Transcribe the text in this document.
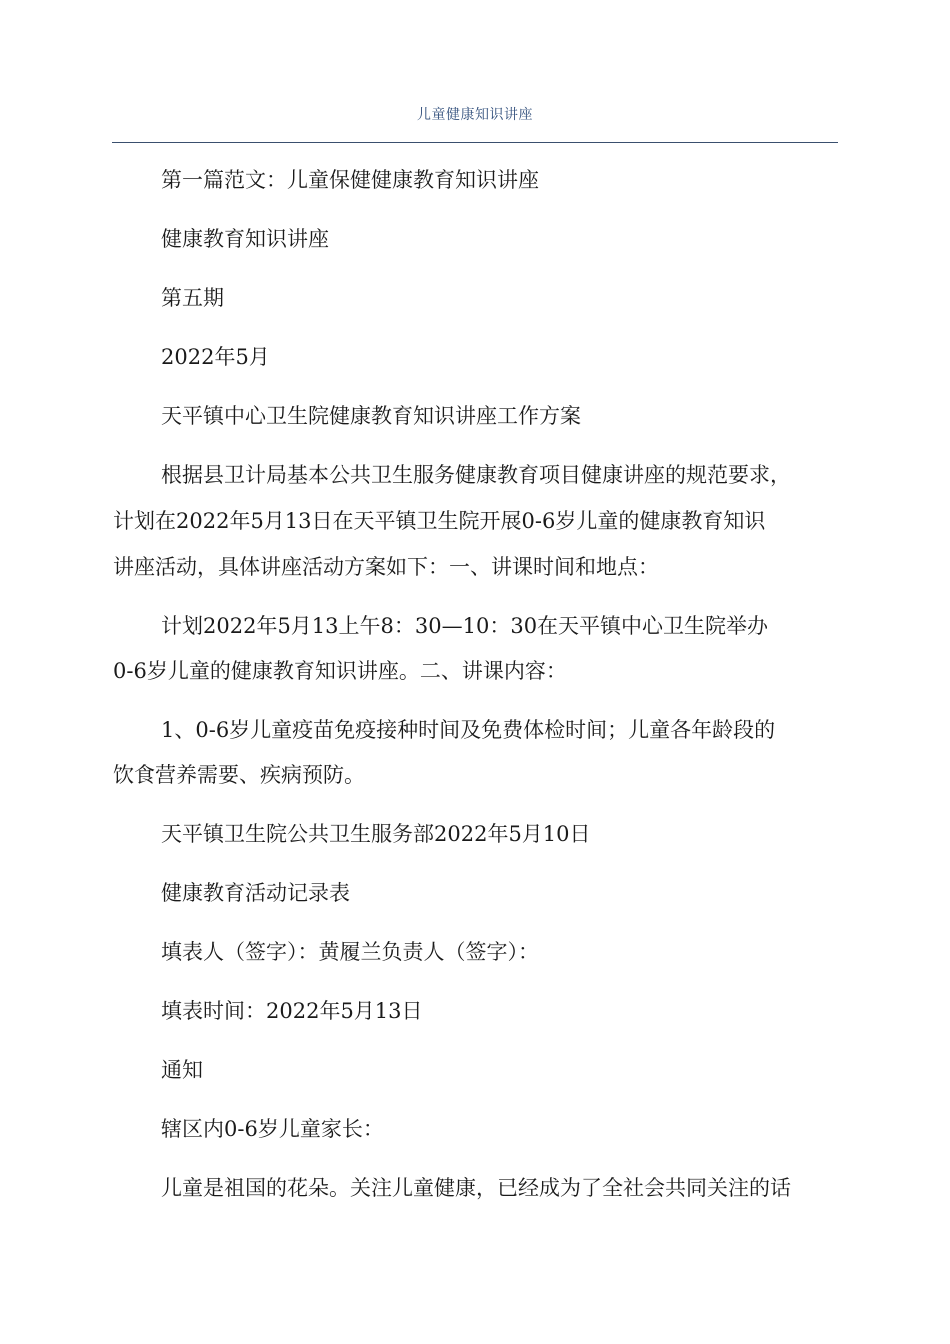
儿童健康知识讲座
第一篇范文：儿童保健健康教育知识讲座
健康教育知识讲座
第五期
2022年5月
天平镇中心卫生院健康教育知识讲座工作方案
根据县卫计局基本公共卫生服务健康教育项目健康讲座的规范要求，
计划在2022年5月13日在天平镇卫生院开展0-6岁儿童的健康教育知识
讲座活动，具体讲座活动方案如下：一、讲课时间和地点：
计划2022年5月13上午8：30—10：30在天平镇中心卫生院举办
0-6岁儿童的健康教育知识讲座。二、讲课内容：
1、0-6岁儿童疫苗免疫接种时间及免费体检时间；儿童各年龄段的
饮食营养需要、疾病预防。
天平镇卫生院公共卫生服务部2022年5月10日
健康教育活动记录表
填表人（签字）：黄履兰负责人（签字）：
填表时间：2022年5月13日
通知
辖区内0-6岁儿童家长：
儿童是祖国的花朵。关注儿童健康，已经成为了全社会共同关注的话
